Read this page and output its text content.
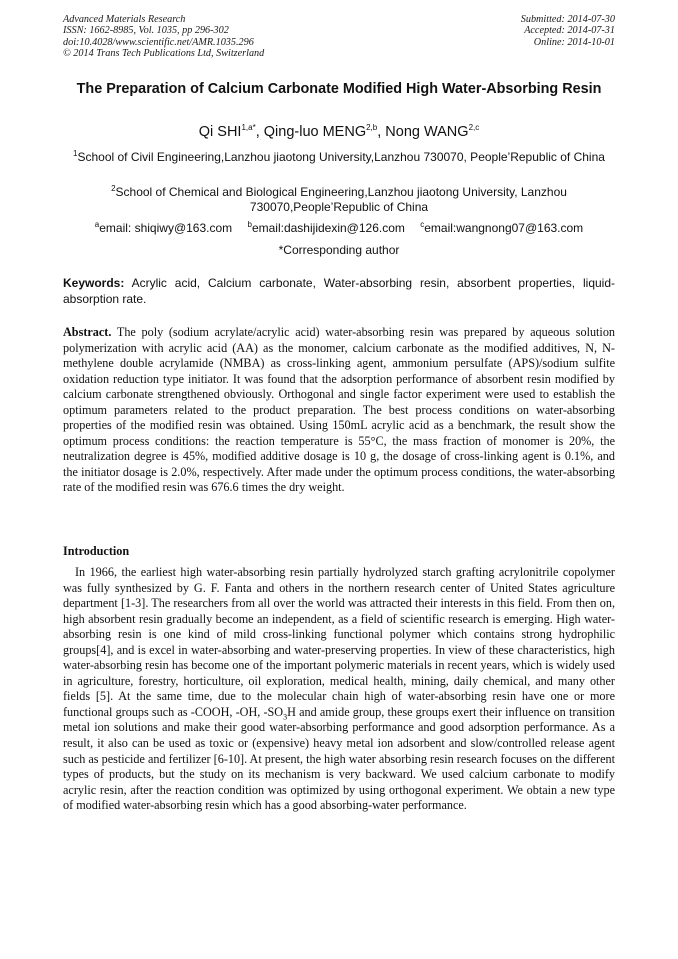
Advanced Materials Research
ISSN: 1662-8985, Vol. 1035, pp 296-302
doi:10.4028/www.scientific.net/AMR.1035.296
© 2014 Trans Tech Publications Ltd, Switzerland
Submitted: 2014-07-30
Accepted: 2014-07-31
Online: 2014-10-01
The Preparation of Calcium Carbonate Modified High Water-Absorbing Resin
Qi $SHI^{1,a*}$, Qing-luo MENG$^{2,b}$, Nong WANG$^{2,c}$
$^1$School of Civil Engineering,Lanzhou jiaotong University,Lanzhou 730070, People’Republic of China
$^2$School of Chemical and Biological Engineering,Lanzhou jiaotong University, Lanzhou 730070,People’Republic of China
$^a$email: shiqiwy@163.com $^b$email:dashijidexin@126.com $^c$email:wangnong07@163.com
*Corresponding author
Keywords: Acrylic acid, Calcium carbonate, Water-absorbing resin, absorbent properties, liquid-absorption rate.
Abstract. The poly (sodium acrylate/acrylic acid) water-absorbing resin was prepared by aqueous solution polymerization with acrylic acid (AA) as the monomer, calcium carbonate as the modified additives, N, N- methylene double acrylamide (NMBA) as cross-linking agent, ammonium persulfate (APS)/sodium sulfite oxidation reduction type initiator. It was found that the adsorption performance of absorbent resin modified by calcium carbonate strengthened obviously. Orthogonal and single factor experiment were used to establish the optimum parameters related to the product preparation. The best process conditions on water-absorbing properties of the modified resin was obtained. Using 150mL acrylic acid as a benchmark, the result show the optimum process conditions: the reaction temperature is 55°C, the mass fraction of monomer is 20%, the neutralization degree is 45%, modified additive dosage is 10 g, the dosage of cross-linking agent is 0.1%, and the initiator dosage is 2.0%, respectively. After made under the optimum process conditions, the water-absorbing rate of the modified resin was 676.6 times the dry weight.
Introduction
In 1966, the earliest high water-absorbing resin partially hydrolyzed starch grafting acrylonitrile copolymer was fully synthesized by G. F. Fanta and others in the northern research center of United States agriculture department [1-3]. The researchers from all over the world was attracted their interests in this field. From then on, high absorbent resin gradually become an independent, as a field of scientific research is emerging. High water-absorbing resin is one kind of mild cross-linking functional polymer which contains strong hydrophilic groups[4], and is excel in water-absorbing and water-preserving properties. In view of these characteristics, high water-absorbing resin has become one of the important polymeric materials in recent years, which is widely used in agriculture, forestry, horticulture, oil exploration, medical health, mining, daily chemical, and many other fields [5]. At the same time, due to the molecular chain high of water-absorbing resin have one or more functional groups such as -COOH, -OH, $-SO_3H$ and amide group, these groups exert their influence on transition metal ion solutions and make their good water-absorbing performance and good adsorption performance. As a result, it also can be used as toxic or (expensive) heavy metal ion adsorbent and slow/controlled release agent such as pesticide and fertilizer [6-10]. At present, the high water absorbing resin research focuses on the different types of products, but the study on its mechanism is very backward. We used calcium carbonate to modify acrylic resin, after the reaction condition was optimized by using orthogonal experiment. We obtain a new type of modified water-absorbing resin which has a good absorbing-water performance.
